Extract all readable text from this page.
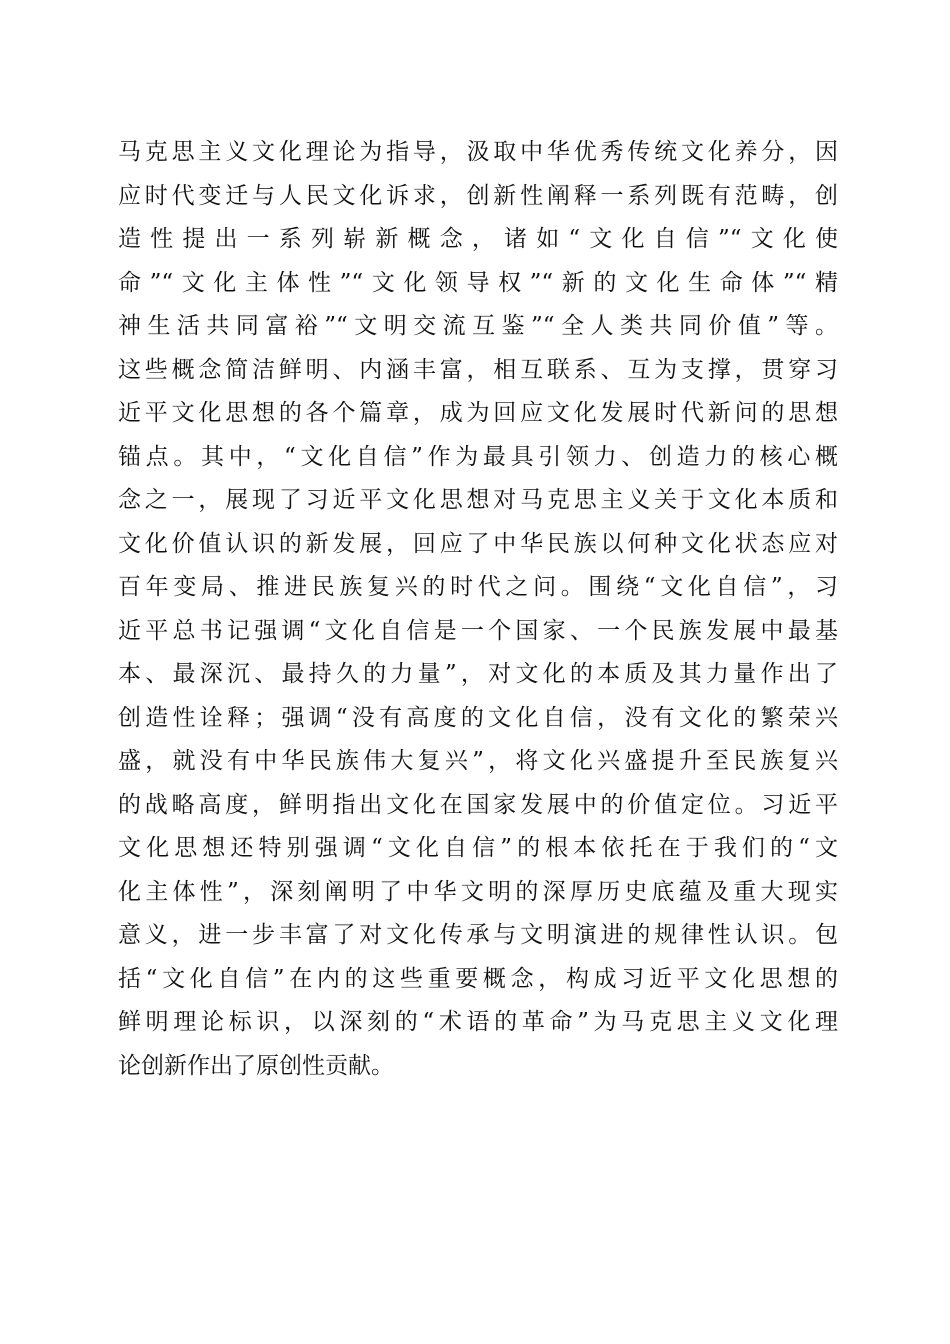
马克思主义文化理论为指导，汲取中华优秀传统文化养分，因
应时代变迁与人民文化诉求，创新性阐释一系列既有范畴，创
造性提出一系列崭新概念，诸如“文化自信”“文化使
命”“文化主体性”“文化领导权”“新的文化生命体”“精
神生活共同富裕”“文明交流互鉴”“全人类共同价值”等。
这些概念简洁鲜明、内涵丰富，相互联系、互为支撑，贯穿习
近平文化思想的各个篇章，成为回应文化发展时代新问的思想
锚点。其中，“文化自信”作为最具引领力、创造力的核心概
念之一，展现了习近平文化思想对马克思主义关于文化本质和
文化价值认识的新发展，回应了中华民族以何种文化状态应对
百年变局、推进民族复兴的时代之问。围绕“文化自信”，习
近平总书记强调“文化自信是一个国家、一个民族发展中最基
本、最深沉、最持久的力量”，对文化的本质及其力量作出了
创造性诠释；强调“没有高度的文化自信，没有文化的繁荣兴
盛，就没有中华民族伟大复兴”，将文化兴盛提升至民族复兴
的战略高度，鲜明指出文化在国家发展中的价值定位。习近平
文化思想还特别强调“文化自信”的根本依托在于我们的“文
化主体性”，深刻阐明了中华文明的深厚历史底蕴及重大现实
意义，进一步丰富了对文化传承与文明演进的规律性认识。包
括“文化自信”在内的这些重要概念，构成习近平文化思想的
鲜明理论标识，以深刻的“术语的革命”为马克思主义文化理
论创新作出了原创性贡献。
